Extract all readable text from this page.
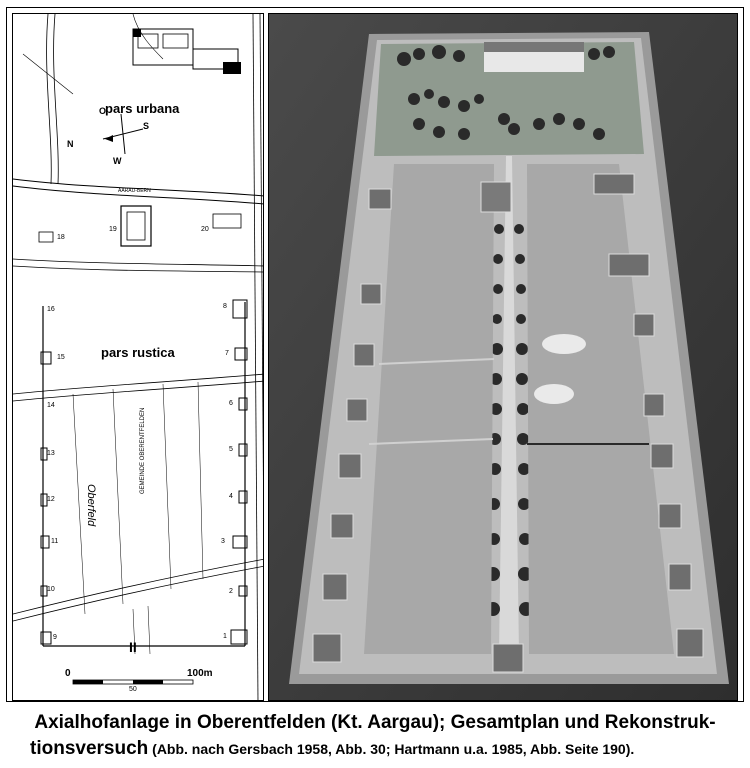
pars urbana
pars rustica
Oberfeld
GEMEINDE OBERENTFELDEN
AARAU-BERN
O
N
S
W
16
15
14
13
12
11
10
9
8
7
6
5
4
3
2
1
18
19	20
II
0
50
100m
Axialhofanlage in Oberentfelden (Kt. Aargau); Gesamtplan und Rekonstruk-
tionsversuch (Abb. nach Gersbach 1958, Abb. 30; Hartmann u.a. 1985, Abb. Seite 190).
